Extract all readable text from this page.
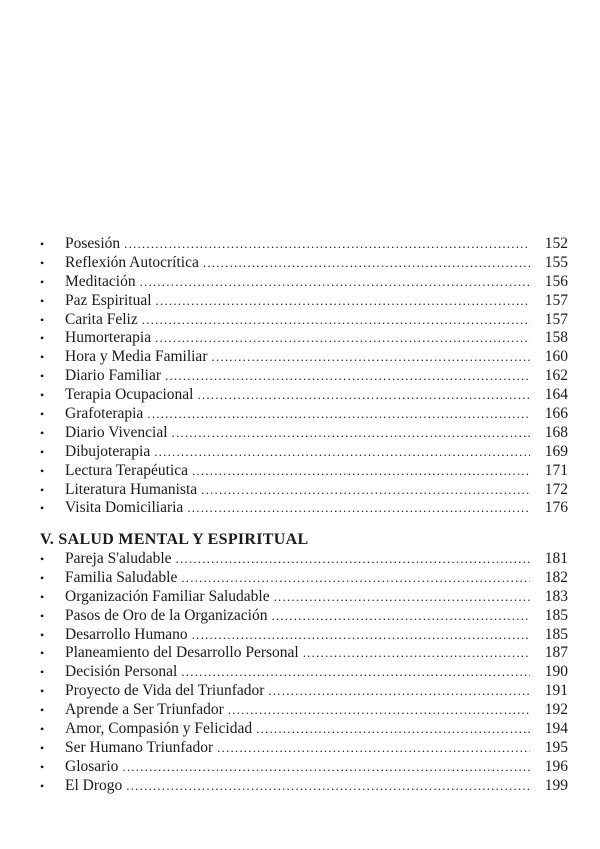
•	Posesión .....	152
•	Reflexión Autocrítica .....	155
•	Meditación .....	156
•	Paz Espiritual .....	157
•	Carita Feliz .....	157
•	Humorterapia .....	158
•	Hora y Media Familiar .....	160
•	Diario Familiar .....	162
•	Terapia Ocupacional .....	164
•	Grafoterapia .....	166
•	Diario Vivencial .....	168
•	Dibujoterapia .....	169
•	Lectura Terapéutica .....	171
•	Literatura Humanista .....	172
•	Visita Domiciliaria .....	176
V. SALUD MENTAL Y ESPIRITUAL
•	Pareja S'aludable .....	181
•	Familia Saludable .....	182
•	Organización Familiar Saludable .....	183
•	Pasos de Oro de la Organización .....	185
•	Desarrollo Humano .....	185
•	Planeamiento del Desarrollo Personal .....	187
•	Decisión Personal .....	190
•	Proyecto de Vida del Triunfador .....	191
•	Aprende a Ser Triunfador .....	192
•	Amor, Compasión y Felicidad .....	194
•	Ser Humano Triunfador .....	195
•	Glosario .....	196
•	El Drogo .....	199
